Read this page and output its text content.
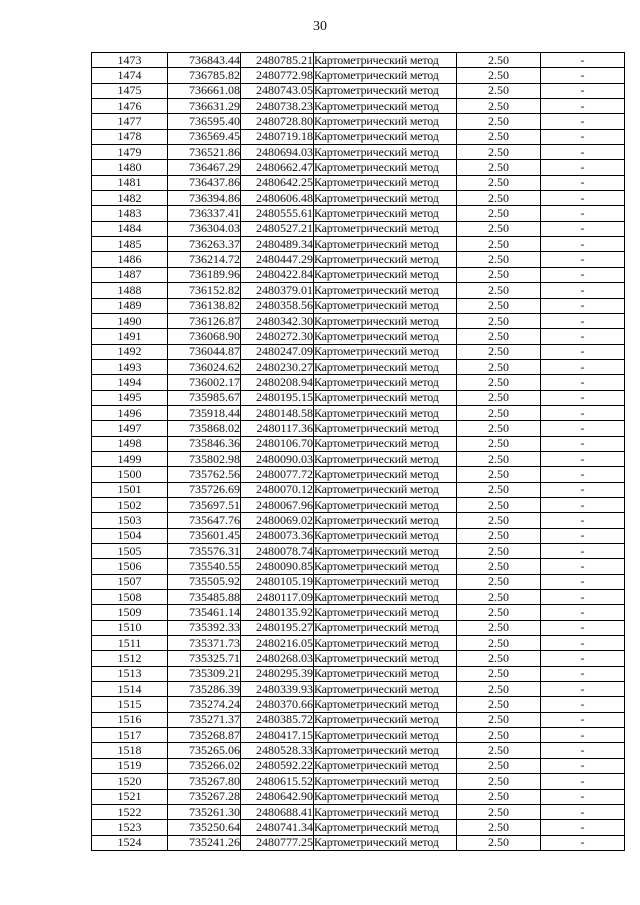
30
1473	736843.44	2480785.21	Картометрический метод	2.50	-
1474	736785.82	2480772.98	Картометрический метод	2.50	-
1475	736661.08	2480743.05	Картометрический метод	2.50	-
1476	736631.29	2480738.23	Картометрический метод	2.50	-
1477	736595.40	2480728.80	Картометрический метод	2.50	-
1478	736569.45	2480719.18	Картометрический метод	2.50	-
1479	736521.86	2480694.03	Картометрический метод	2.50	-
1480	736467.29	2480662.47	Картометрический метод	2.50	-
1481	736437.86	2480642.25	Картометрический метод	2.50	-
1482	736394.86	2480606.48	Картометрический метод	2.50	-
1483	736337.41	2480555.61	Картометрический метод	2.50	-
1484	736304.03	2480527.21	Картометрический метод	2.50	-
1485	736263.37	2480489.34	Картометрический метод	2.50	-
1486	736214.72	2480447.29	Картометрический метод	2.50	-
1487	736189.96	2480422.84	Картометрический метод	2.50	-
1488	736152.82	2480379.01	Картометрический метод	2.50	-
1489	736138.82	2480358.56	Картометрический метод	2.50	-
1490	736126.87	2480342.30	Картометрический метод	2.50	-
1491	736068.90	2480272.30	Картометрический метод	2.50	-
1492	736044.87	2480247.09	Картометрический метод	2.50	-
1493	736024.62	2480230.27	Картометрический метод	2.50	-
1494	736002.17	2480208.94	Картометрический метод	2.50	-
1495	735985.67	2480195.15	Картометрический метод	2.50	-
1496	735918.44	2480148.58	Картометрический метод	2.50	-
1497	735868.02	2480117.36	Картометрический метод	2.50	-
1498	735846.36	2480106.70	Картометрический метод	2.50	-
1499	735802.98	2480090.03	Картометрический метод	2.50	-
1500	735762.56	2480077.72	Картометрический метод	2.50	-
1501	735726.69	2480070.12	Картометрический метод	2.50	-
1502	735697.51	2480067.96	Картометрический метод	2.50	-
1503	735647.76	2480069.02	Картометрический метод	2.50	-
1504	735601.45	2480073.36	Картометрический метод	2.50	-
1505	735576.31	2480078.74	Картометрический метод	2.50	-
1506	735540.55	2480090.85	Картометрический метод	2.50	-
1507	735505.92	2480105.19	Картометрический метод	2.50	-
1508	735485.88	2480117.09	Картометрический метод	2.50	-
1509	735461.14	2480135.92	Картометрический метод	2.50	-
1510	735392.33	2480195.27	Картометрический метод	2.50	-
1511	735371.73	2480216.05	Картометрический метод	2.50	-
1512	735325.71	2480268.03	Картометрический метод	2.50	-
1513	735309.21	2480295.39	Картометрический метод	2.50	-
1514	735286.39	2480339.93	Картометрический метод	2.50	-
1515	735274.24	2480370.66	Картометрический метод	2.50	-
1516	735271.37	2480385.72	Картометрический метод	2.50	-
1517	735268.87	2480417.15	Картометрический метод	2.50	-
1518	735265.06	2480528.33	Картометрический метод	2.50	-
1519	735266.02	2480592.22	Картометрический метод	2.50	-
1520	735267.80	2480615.52	Картометрический метод	2.50	-
1521	735267.28	2480642.90	Картометрический метод	2.50	-
1522	735261.30	2480688.41	Картометрический метод	2.50	-
1523	735250.64	2480741.34	Картометрический метод	2.50	-
1524	735241.26	2480777.25	Картометрический метод	2.50	-
